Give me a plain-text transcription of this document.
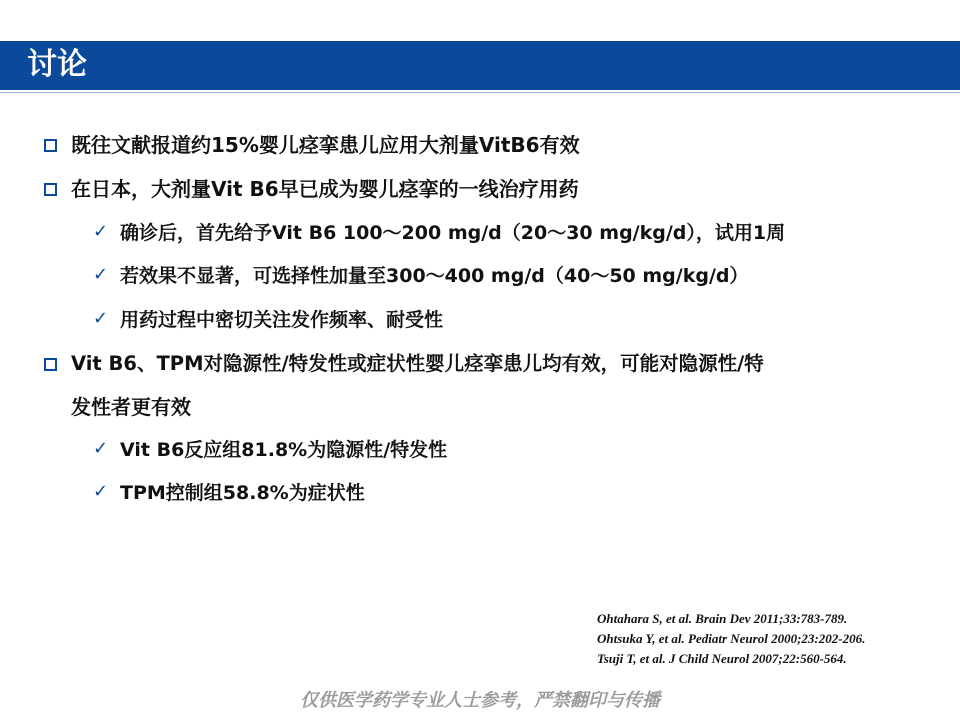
讨论
既往文献报道约15%婴儿痉挛患儿应用大剂量VitB6有效
在日本，大剂量Vit B6早已成为婴儿痉挛的一线治疗用药
✓ 确诊后，首先给予Vit B6 100～200 mg/d（20～30 mg/kg/d），试用1周
✓ 若效果不显著，可选择性加量至300～400 mg/d（40～50 mg/kg/d）
✓ 用药过程中密切关注发作频率、耐受性
Vit B6、TPM对隐源性/特发性或症状性婴儿痉挛患儿均有效，可能对隐源性/特
发性者更有效
✓ Vit B6反应组81.8%为隐源性/特发性
✓ TPM控制组58.8%为症状性
Ohtahara S, et al. Brain Dev 2011;33:783-789.
Ohtsuka Y, et al. Pediatr Neurol 2000;23:202-206.
Tsuji T, et al. J Child Neurol 2007;22:560-564.
仅供医学药学专业人士参考，严禁翻印与传播
